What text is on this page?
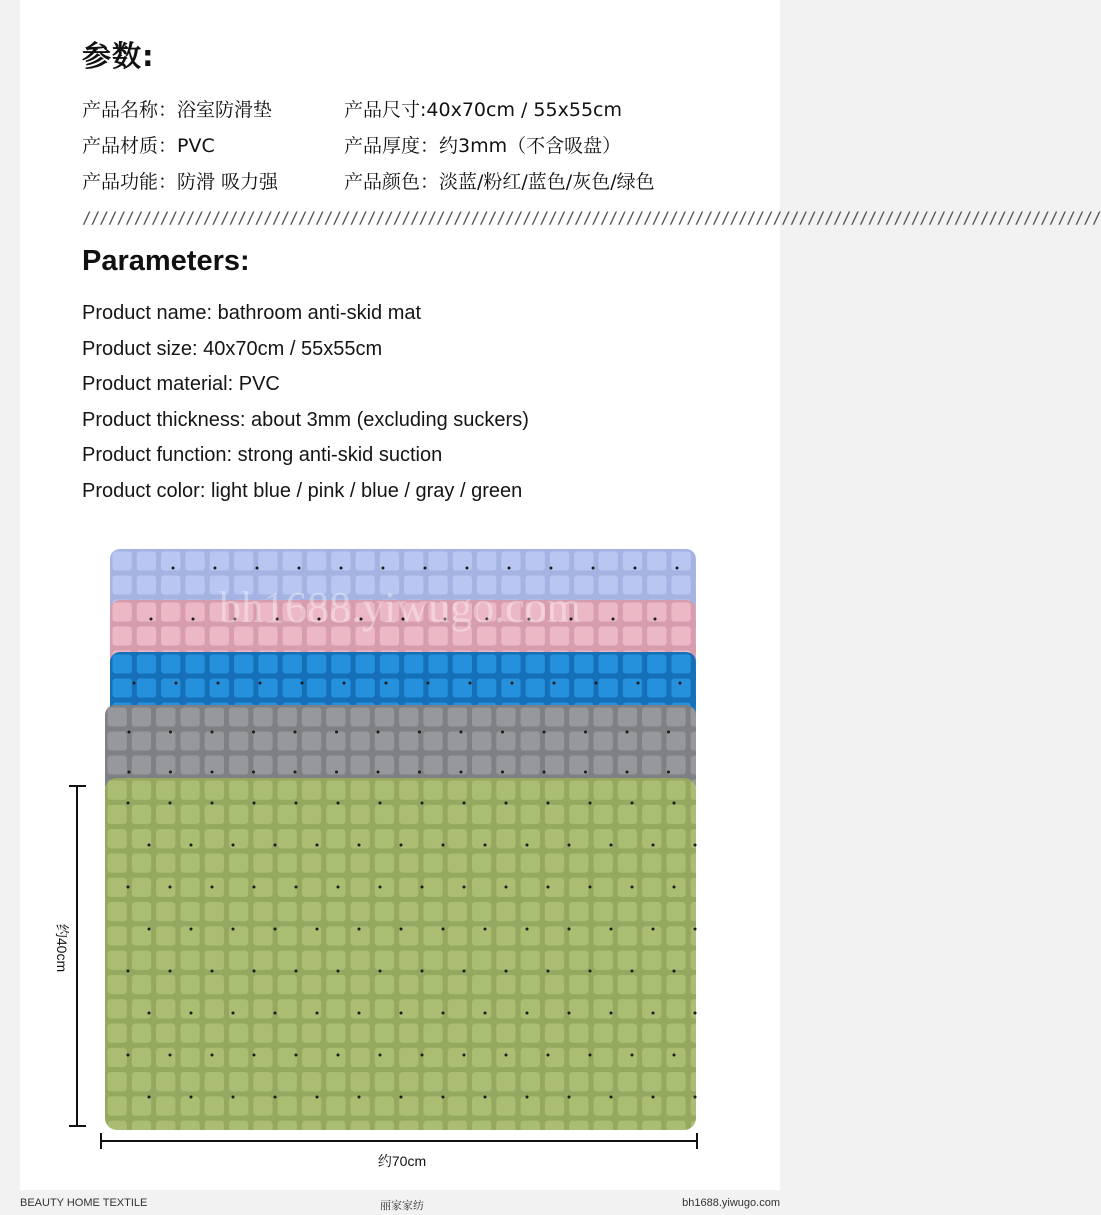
参数:
产品名称：浴室防滑垫	产品尺寸:40x70cm / 55x55cm
产品材质：PVC	产品厚度：约3mm（不含吸盘）
产品功能：防滑 吸力强	产品颜色：淡蓝/粉红/蓝色/灰色/绿色
//////////////////////////////////////////////////////////////////////////////////////////////////////////////////////
Parameters:
Product name: bathroom anti-skid mat
Product size: 40x70cm / 55x55cm
Product material: PVC
Product thickness: about 3mm (excluding suckers)
Product function: strong anti-skid suction
Product color: light blue / pink / blue / gray / green
bh1688.yiwugo.com
约40cm
约70cm
BEAUTY HOME TEXTILE	丽家家纺	bh1688.yiwugo.com
